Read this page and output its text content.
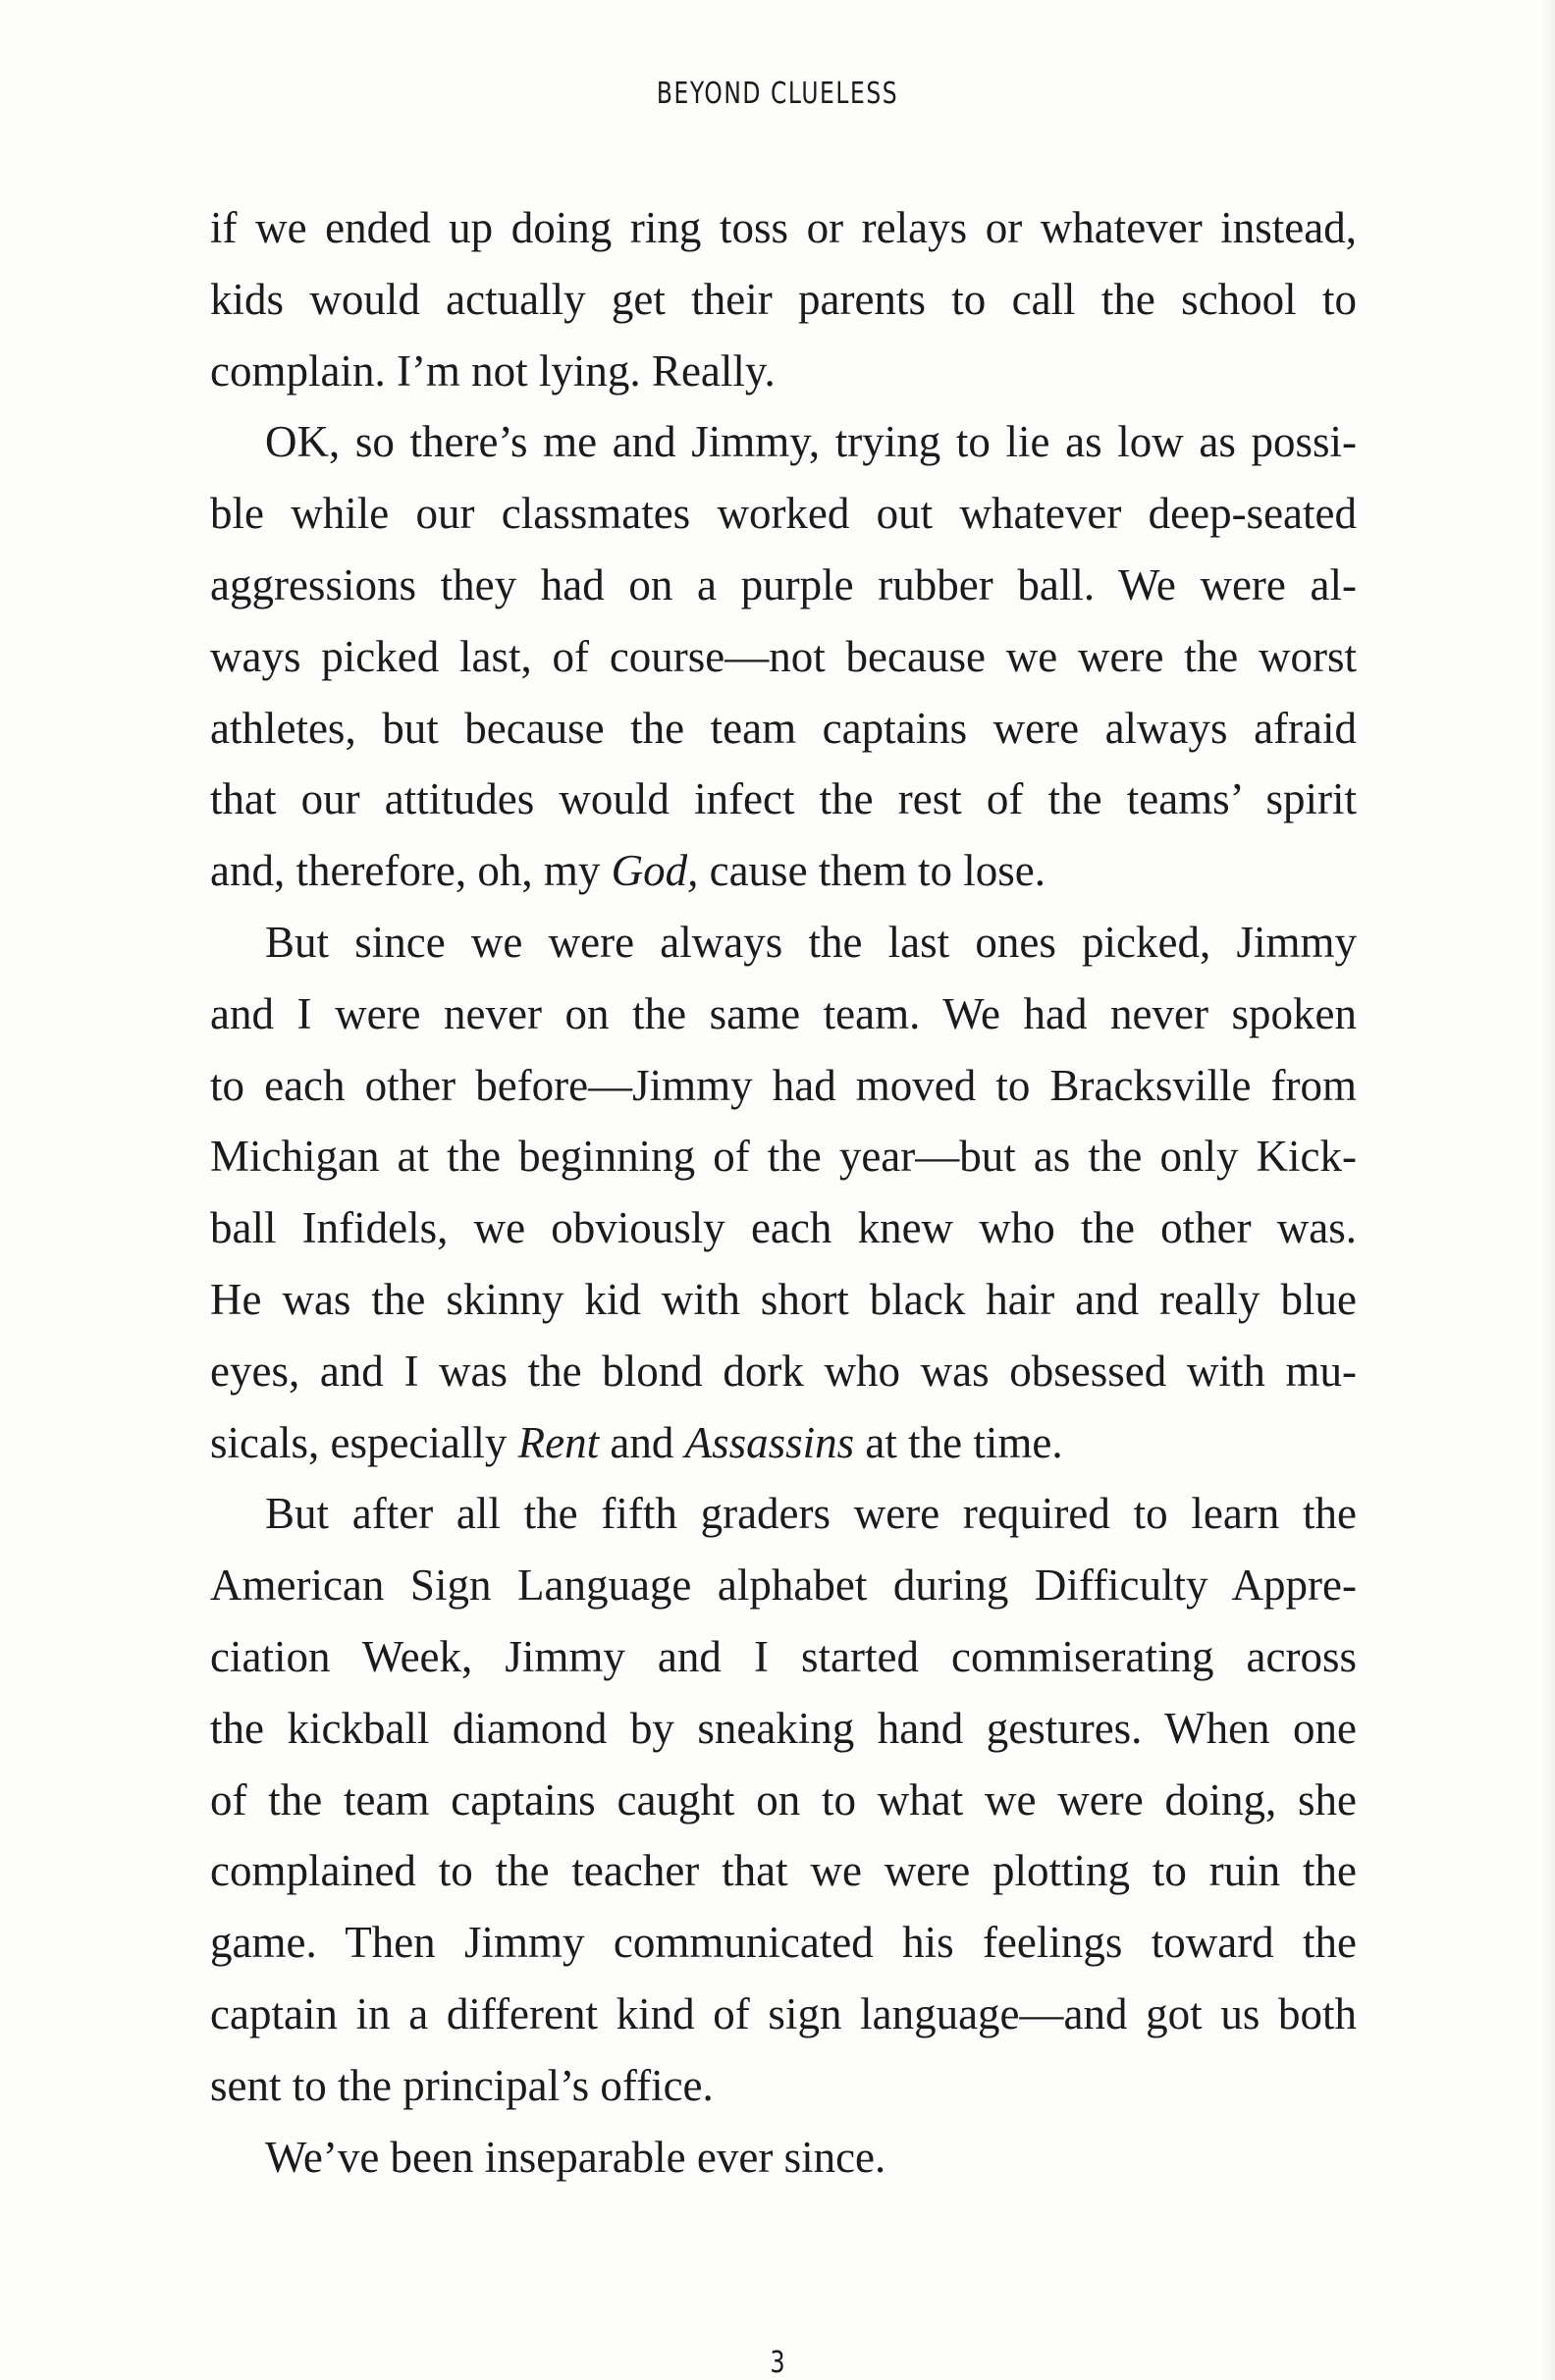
BEYOND CLUELESS
if we ended up doing ring toss or relays or whatever instead,
kids would actually get their parents to call the school to
complain. I’m not lying. Really.
OK, so there’s me and Jimmy, trying to lie as low as possi-
ble while our classmates worked out whatever deep-seated
aggressions they had on a purple rubber ball. We were al-
ways picked last, of course—not because we were the worst
athletes, but because the team captains were always afraid
that our attitudes would infect the rest of the teams’ spirit
and, therefore, oh, my God, cause them to lose.
But since we were always the last ones picked, Jimmy
and I were never on the same team. We had never spoken
to each other before—Jimmy had moved to Bracksville from
Michigan at the beginning of the year—but as the only Kick-
ball Infidels, we obviously each knew who the other was.
He was the skinny kid with short black hair and really blue
eyes, and I was the blond dork who was obsessed with mu-
sicals, especially Rent and Assassins at the time.
But after all the fifth graders were required to learn the
American Sign Language alphabet during Difficulty Appre-
ciation Week, Jimmy and I started commiserating across
the kickball diamond by sneaking hand gestures. When one
of the team captains caught on to what we were doing, she
complained to the teacher that we were plotting to ruin the
game. Then Jimmy communicated his feelings toward the
captain in a different kind of sign language—and got us both
sent to the principal’s office.
We’ve been inseparable ever since.
3
